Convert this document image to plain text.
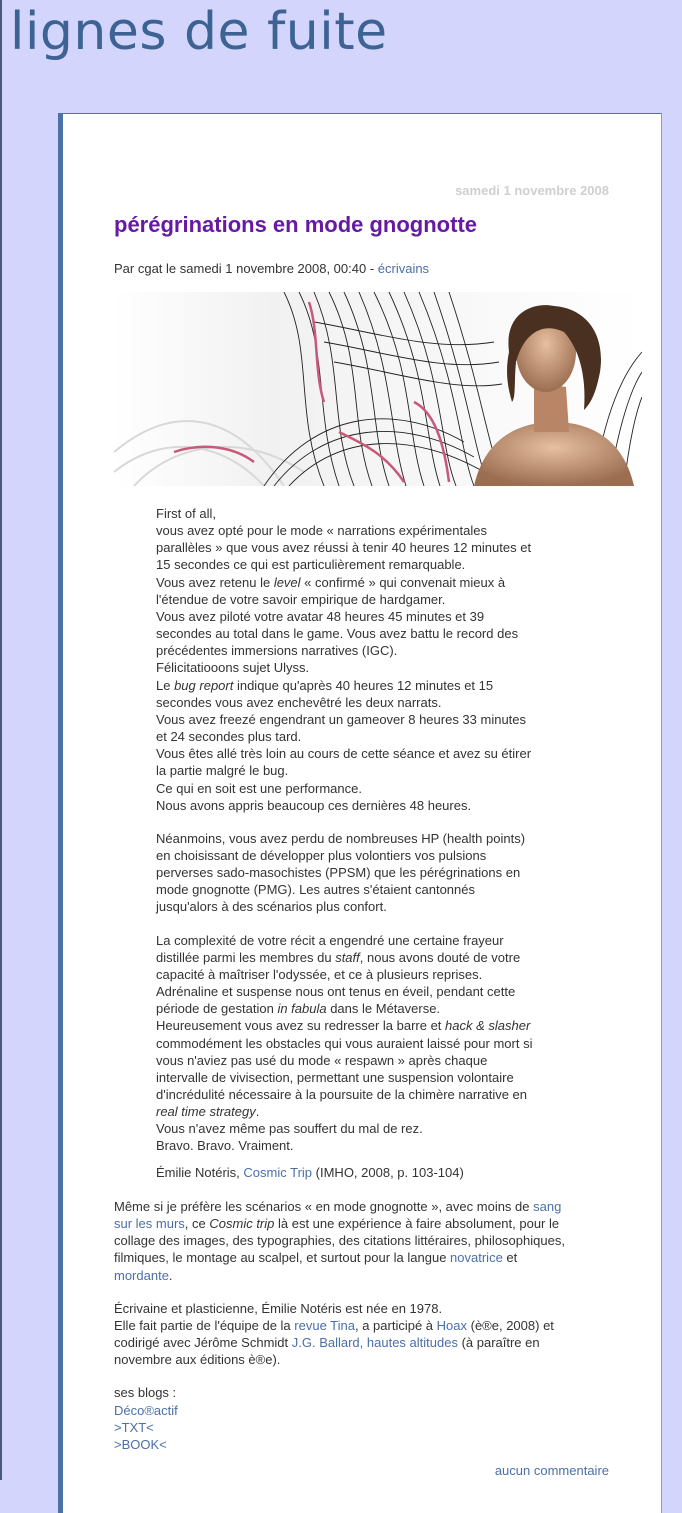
lignes de fuite
samedi 1 novembre 2008
pérégrinations en mode gnognotte
Par cgat le samedi 1 novembre 2008, 00:40 - écrivains

First of all,
vous avez opté pour le mode « narrations expérimentales
parallèles » que vous avez réussi à tenir 40 heures 12 minutes et
15 secondes ce qui est particulièrement remarquable.
Vous avez retenu le level « confirmé » qui convenait mieux à
l'étendue de votre savoir empirique de hardgamer.
Vous avez piloté votre avatar 48 heures 45 minutes et 39
secondes au total dans le game. Vous avez battu le record des
précédentes immersions narratives (IGC).
Félicitatiooons sujet Ulyss.
Le bug report indique qu'après 40 heures 12 minutes et 15
secondes vous avez enchevêtré les deux narrats.
Vous avez freezé engendrant un gameover 8 heures 33 minutes
et 24 secondes plus tard.
Vous êtes allé très loin au cours de cette séance et avez su étirer
la partie malgré le bug.
Ce qui en soit est une performance.
Nous avons appris beaucoup ces dernières 48 heures.

Néanmoins, vous avez perdu de nombreuses HP (health points)
en choisissant de développer plus volontiers vos pulsions
perverses sado-masochistes (PPSM) que les pérégrinations en
mode gnognotte (PMG). Les autres s'étaient cantonnés
jusqu'alors à des scénarios plus confort.

La complexité de votre récit a engendré une certaine frayeur
distillée parmi les membres du staff, nous avons douté de votre
capacité à maîtriser l'odyssée, et ce à plusieurs reprises.
Adrénaline et suspense nous ont tenus en éveil, pendant cette
période de gestation in fabula dans le Métaverse.
Heureusement vous avez su redresser la barre et hack & slasher
commodément les obstacles qui vous auraient laissé pour mort si
vous n'aviez pas usé du mode « respawn » après chaque
intervalle de vivisection, permettant une suspension volontaire
d'incrédulité nécessaire à la poursuite de la chimère narrative en
real time strategy.
Vous n'avez même pas souffert du mal de rez.
Bravo. Bravo. Vraiment.

Émilie Notéris, Cosmic Trip (IMHO, 2008, p. 103-104)

Même si je préfère les scénarios « en mode gnognotte », avec moins de sang
sur les murs, ce Cosmic trip là est une expérience à faire absolument, pour le
collage des images, des typographies, des citations littéraires, philosophiques,
filmiques, le montage au scalpel, et surtout pour la langue novatrice et
mordante.

Écrivaine et plasticienne, Émilie Notéris est née en 1978.
Elle fait partie de l'équipe de la revue Tina, a participé à Hoax (è®e, 2008) et
codirigé avec Jérôme Schmidt J.G. Ballard, hautes altitudes (à paraître en
novembre aux éditions è®e).

ses blogs :
Déco®actif
>TXT<
>BOOK<
aucun commentaire
